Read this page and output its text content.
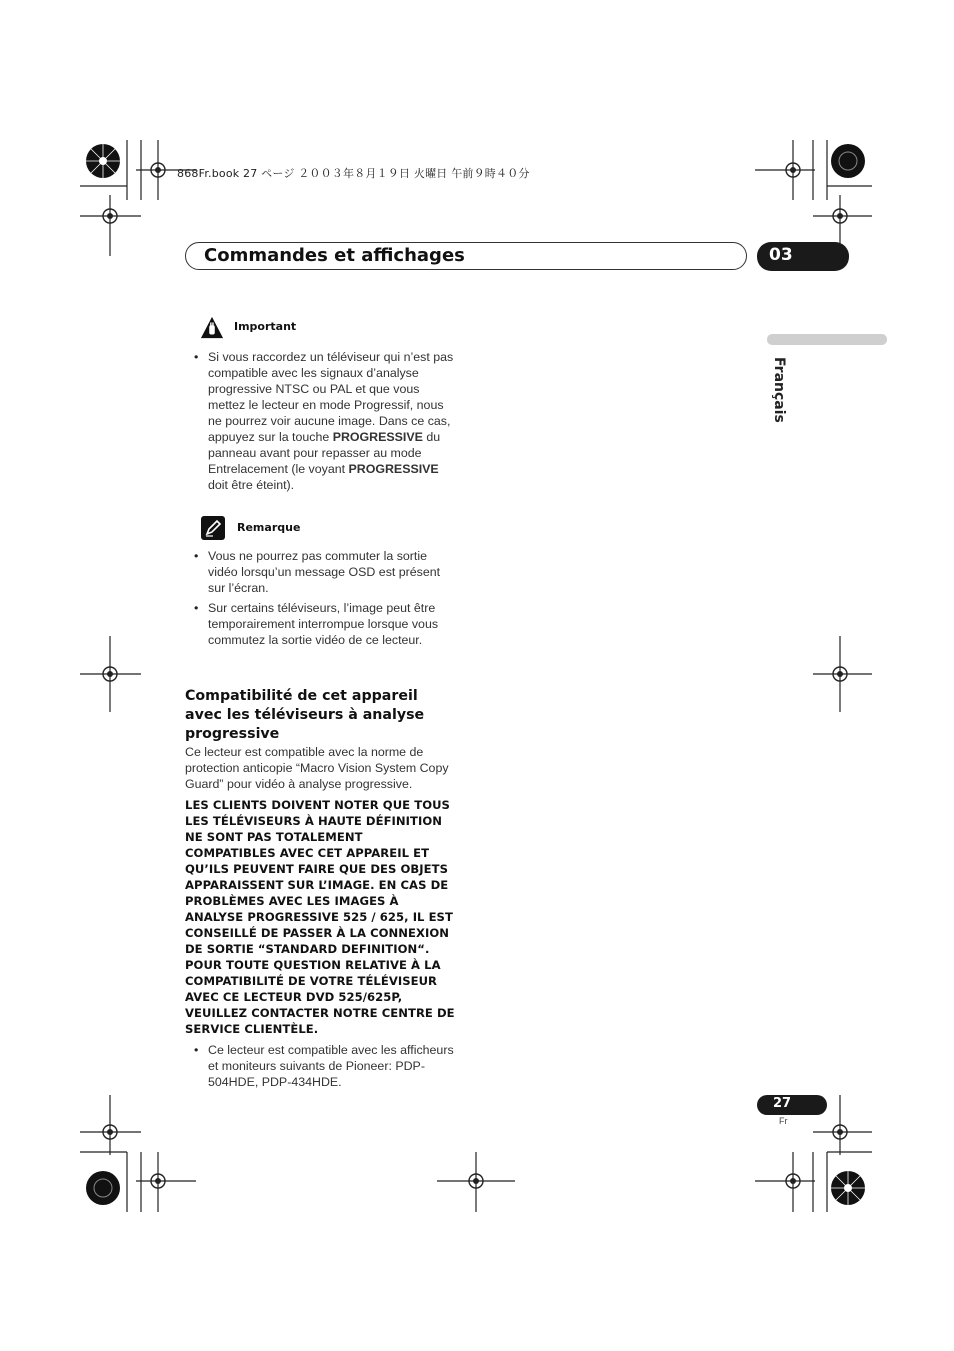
868Fr.book 27 ページ ２００３年８月１９日 火曜日 午前９時４０分
Commandes et affichages	03
Français
Important
• Si vous raccordez un téléviseur qui n’est pas compatible avec les signaux d’analyse progressive NTSC ou PAL et que vous mettez le lecteur en mode Progressif, nous ne pourrez voir aucune image. Dans ce cas, appuyez sur la touche PROGRESSIVE du panneau avant pour repasser au mode Entrelacement (le voyant PROGRESSIVE doit être éteint).
Remarque
• Vous ne pourrez pas commuter la sortie vidéo lorsqu’un message OSD est présent sur l’écran.
• Sur certains téléviseurs, l’image peut être temporairement interrompue lorsque vous commutez la sortie vidéo de ce lecteur.

Compatibilité de cet appareil avec les téléviseurs à analyse progressive

Ce lecteur est compatible avec la norme de protection anticopie “Macro Vision System Copy Guard” pour vidéo à analyse progressive.

LES CLIENTS DOIVENT NOTER QUE TOUS LES TÉLÉVISEURS À HAUTE DÉFINITION NE SONT PAS TOTALEMENT COMPATIBLES AVEC CET APPAREIL ET QU’ILS PEUVENT FAIRE QUE DES OBJETS APPARAISSENT SUR L’IMAGE. EN CAS DE PROBLÈMES AVEC LES IMAGES À ANALYSE PROGRESSIVE 525 / 625, IL EST CONSEILLÉ DE PASSER À LA CONNEXION DE SORTIE “STANDARD DEFINITION“. POUR TOUTE QUESTION RELATIVE À LA COMPATIBILITÉ DE VOTRE TÉLÉVISEUR AVEC CE LECTEUR DVD 525/625P, VEUILLEZ CONTACTER NOTRE CENTRE DE SERVICE CLIENTÈLE.

• Ce lecteur est compatible avec les afficheurs et moniteurs suivants de Pioneer: PDP-504HDE, PDP-434HDE.
27
Fr
